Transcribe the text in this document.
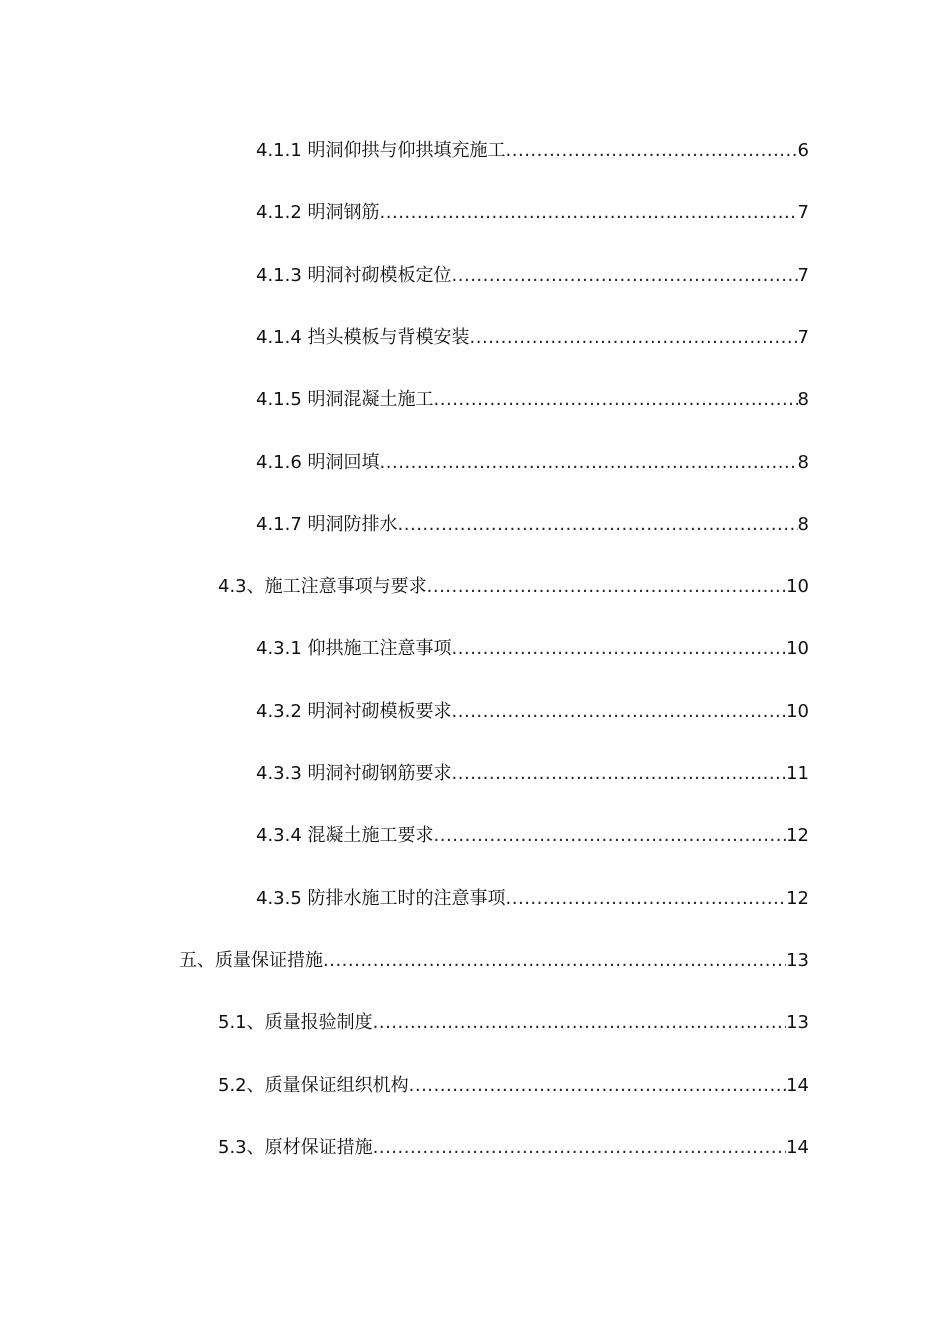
4.1.1 明洞仰拱与仰拱填充施工 .....	6
4.1.2 明洞钢筋 .....	7
4.1.3 明洞衬砌模板定位 .....	7
4.1.4 挡头模板与背模安装 .....	7
4.1.5 明洞混凝土施工 .....	8
4.1.6 明洞回填 .....	8
4.1.7 明洞防排水 .....	8
4.3、施工注意事项与要求 .....	10
4.3.1 仰拱施工注意事项 .....	10
4.3.2 明洞衬砌模板要求 .....	10
4.3.3 明洞衬砌钢筋要求 .....	11
4.3.4 混凝土施工要求 .....	12
4.3.5 防排水施工时的注意事项 .....	12
五、质量保证措施 .....	13
5.1、质量报验制度 .....	13
5.2、质量保证组织机构 .....	14
5.3、原材保证措施 .....	14
